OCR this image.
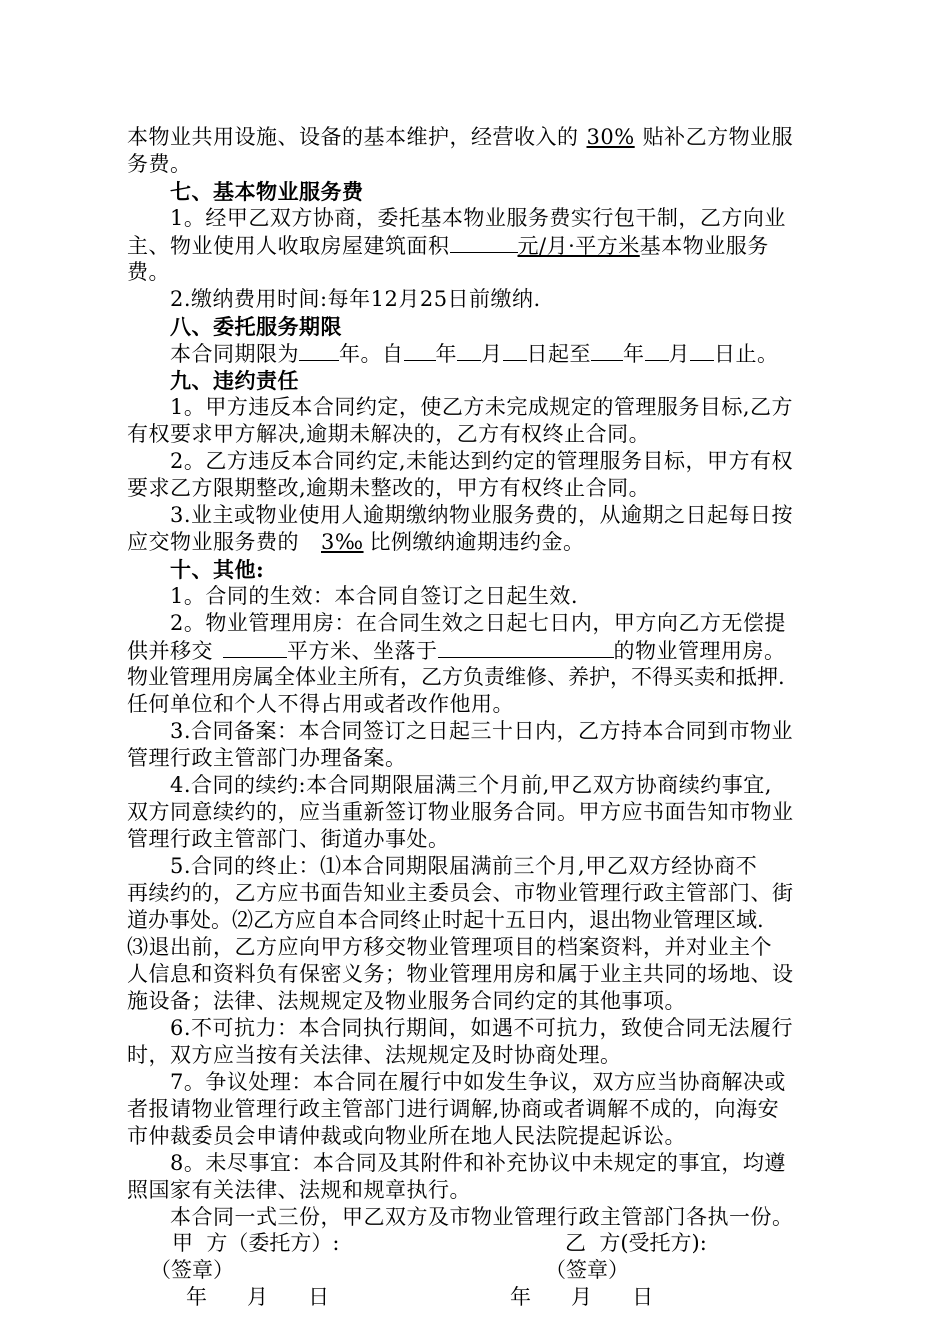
本物业共用设施、设备的基本维护，经营收入的 30% 贴补乙方物业服
务费。
七、基本物业服务费
1。经甲乙双方协商，委托基本物业服务费实行包干制，乙方向业
主、物业使用人收取房屋建筑面积	元/月·平方米基本物业服务
费。
2.缴纳费用时间:每年12月25日前缴纳.
八、委托服务期限
本合同期限为 年。自 年 月 日起至 年 月 日止。
九、违约责任
1。甲方违反本合同约定，使乙方未完成规定的管理服务目标,乙方
有权要求甲方解决,逾期未解决的，乙方有权终止合同。
2。乙方违反本合同约定,未能达到约定的管理服务目标，甲方有权
要求乙方限期整改,逾期未整改的，甲方有权终止合同。
3.业主或物业使用人逾期缴纳物业服务费的，从逾期之日起每日按
应交物业服务费的 3‰ 比例缴纳逾期违约金。
十、其他:
1。合同的生效：本合同自签订之日起生效.
2。物业管理用房：在合同生效之日起七日内，甲方向乙方无偿提
供并移交	平方米、坐落于	的物业管理用房。
物业管理用房属全体业主所有，乙方负责维修、养护，不得买卖和抵押.
任何单位和个人不得占用或者改作他用。
3.合同备案：本合同签订之日起三十日内，乙方持本合同到市物业
管理行政主管部门办理备案。
4.合同的续约:本合同期限届满三个月前,甲乙双方协商续约事宜,
双方同意续约的，应当重新签订物业服务合同。甲方应书面告知市物业
管理行政主管部门、街道办事处。
5.合同的终止：⑴本合同期限届满前三个月,甲乙双方经协商不
再续约的，乙方应书面告知业主委员会、市物业管理行政主管部门、街
道办事处。⑵乙方应自本合同终止时起十五日内，退出物业管理区域.
⑶退出前，乙方应向甲方移交物业管理项目的档案资料，并对业主个
人信息和资料负有保密义务；物业管理用房和属于业主共同的场地、设
施设备；法律、法规规定及物业服务合同约定的其他事项。
6.不可抗力：本合同执行期间，如遇不可抗力，致使合同无法履行
时，双方应当按有关法律、法规规定及时协商处理。
7。争议处理：本合同在履行中如发生争议，双方应当协商解决或
者报请物业管理行政主管部门进行调解,协商或者调解不成的，向海安
市仲裁委员会申请仲裁或向物业所在地人民法院提起诉讼。
8。未尽事宜：本合同及其附件和补充协议中未规定的事宜，均遵
照国家有关法律、法规和规章执行。
本合同一式三份，甲乙双方及市物业管理行政主管部门各执一份。
甲  方（委托方）:	乙  方(受托方):
（签章）	（签章）
年      月      日	年      月      日
